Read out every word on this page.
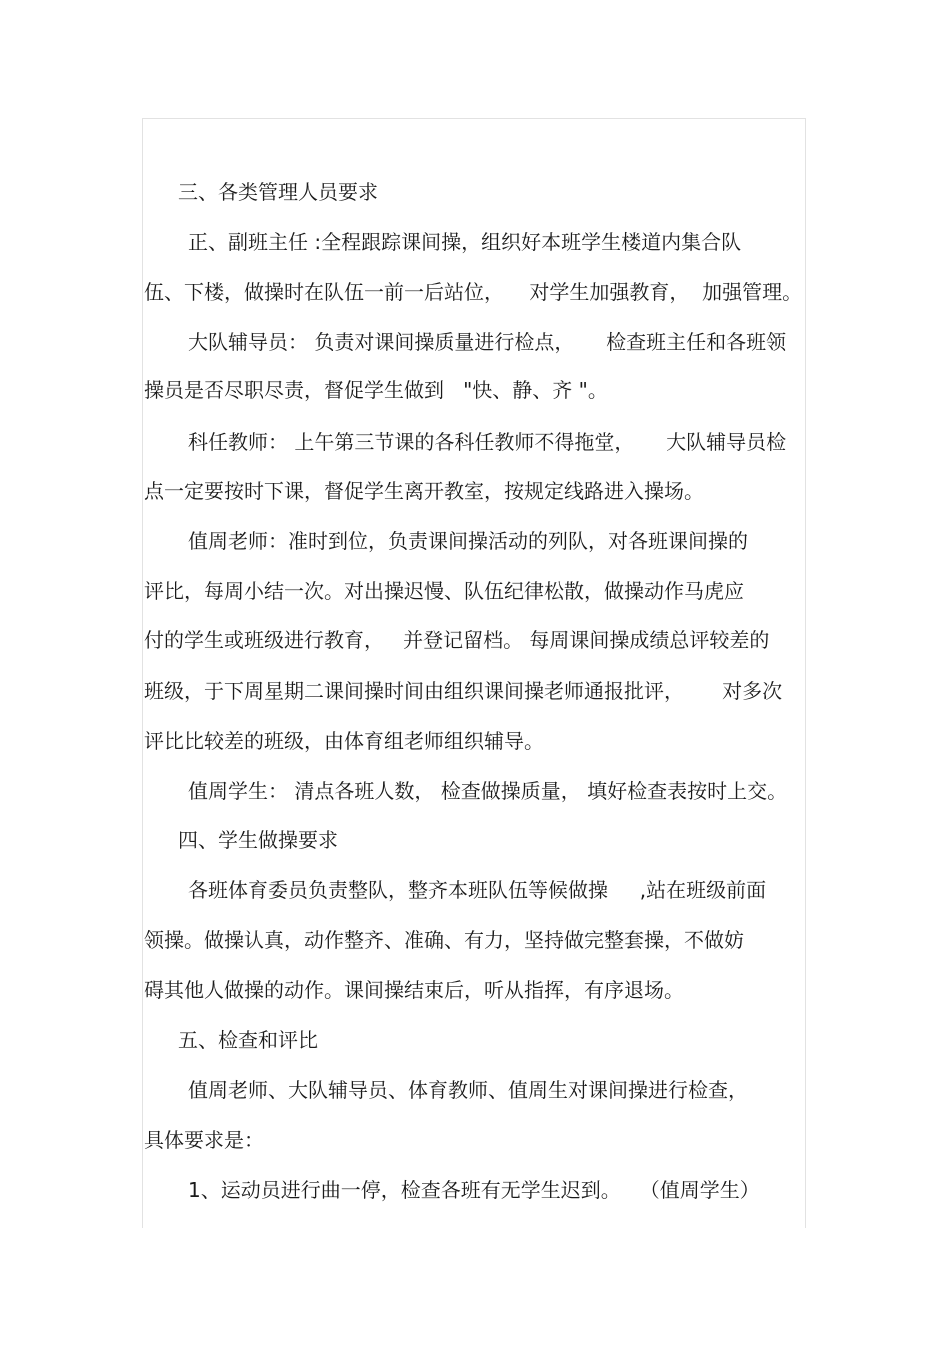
三、各类管理人员要求

正、副班主任 :全程跟踪课间操，组织好本班学生楼道内集合队

伍、下楼，做操时在队伍一前一后站位，    对学生加强教育，  加强管理。

大队辅导员： 负责对课间操质量进行检点，     检查班主任和各班领

操员是否尽职尽责，督促学生做到   "快、静、齐 "。

科任教师： 上午第三节课的各科任教师不得拖堂，     大队辅导员检

点一定要按时下课，督促学生离开教室，按规定线路进入操场。

值周老师：准时到位，负责课间操活动的列队，对各班课间操的

评比，每周小结一次。对出操迟慢、队伍纪律松散，做操动作马虎应

付的学生或班级进行教育，   并登记留档。 每周课间操成绩总评较差的

班级，于下周星期二课间操时间由组织课间操老师通报批评，      对多次

评比比较差的班级，由体育组老师组织辅导。

值周学生： 清点各班人数， 检查做操质量， 填好检查表按时上交。

四、学生做操要求

各班体育委员负责整队，整齐本班队伍等候做操     ,站在班级前面

领操。做操认真，动作整齐、准确、有力，坚持做完整套操，不做妨

碍其他人做操的动作。课间操结束后，听从指挥，有序退场。

五、检查和评比

值周老师、大队辅导员、体育教师、值周生对课间操进行检查，

具体要求是：

1、运动员进行曲一停，检查各班有无学生迟到。   （值周学生）
